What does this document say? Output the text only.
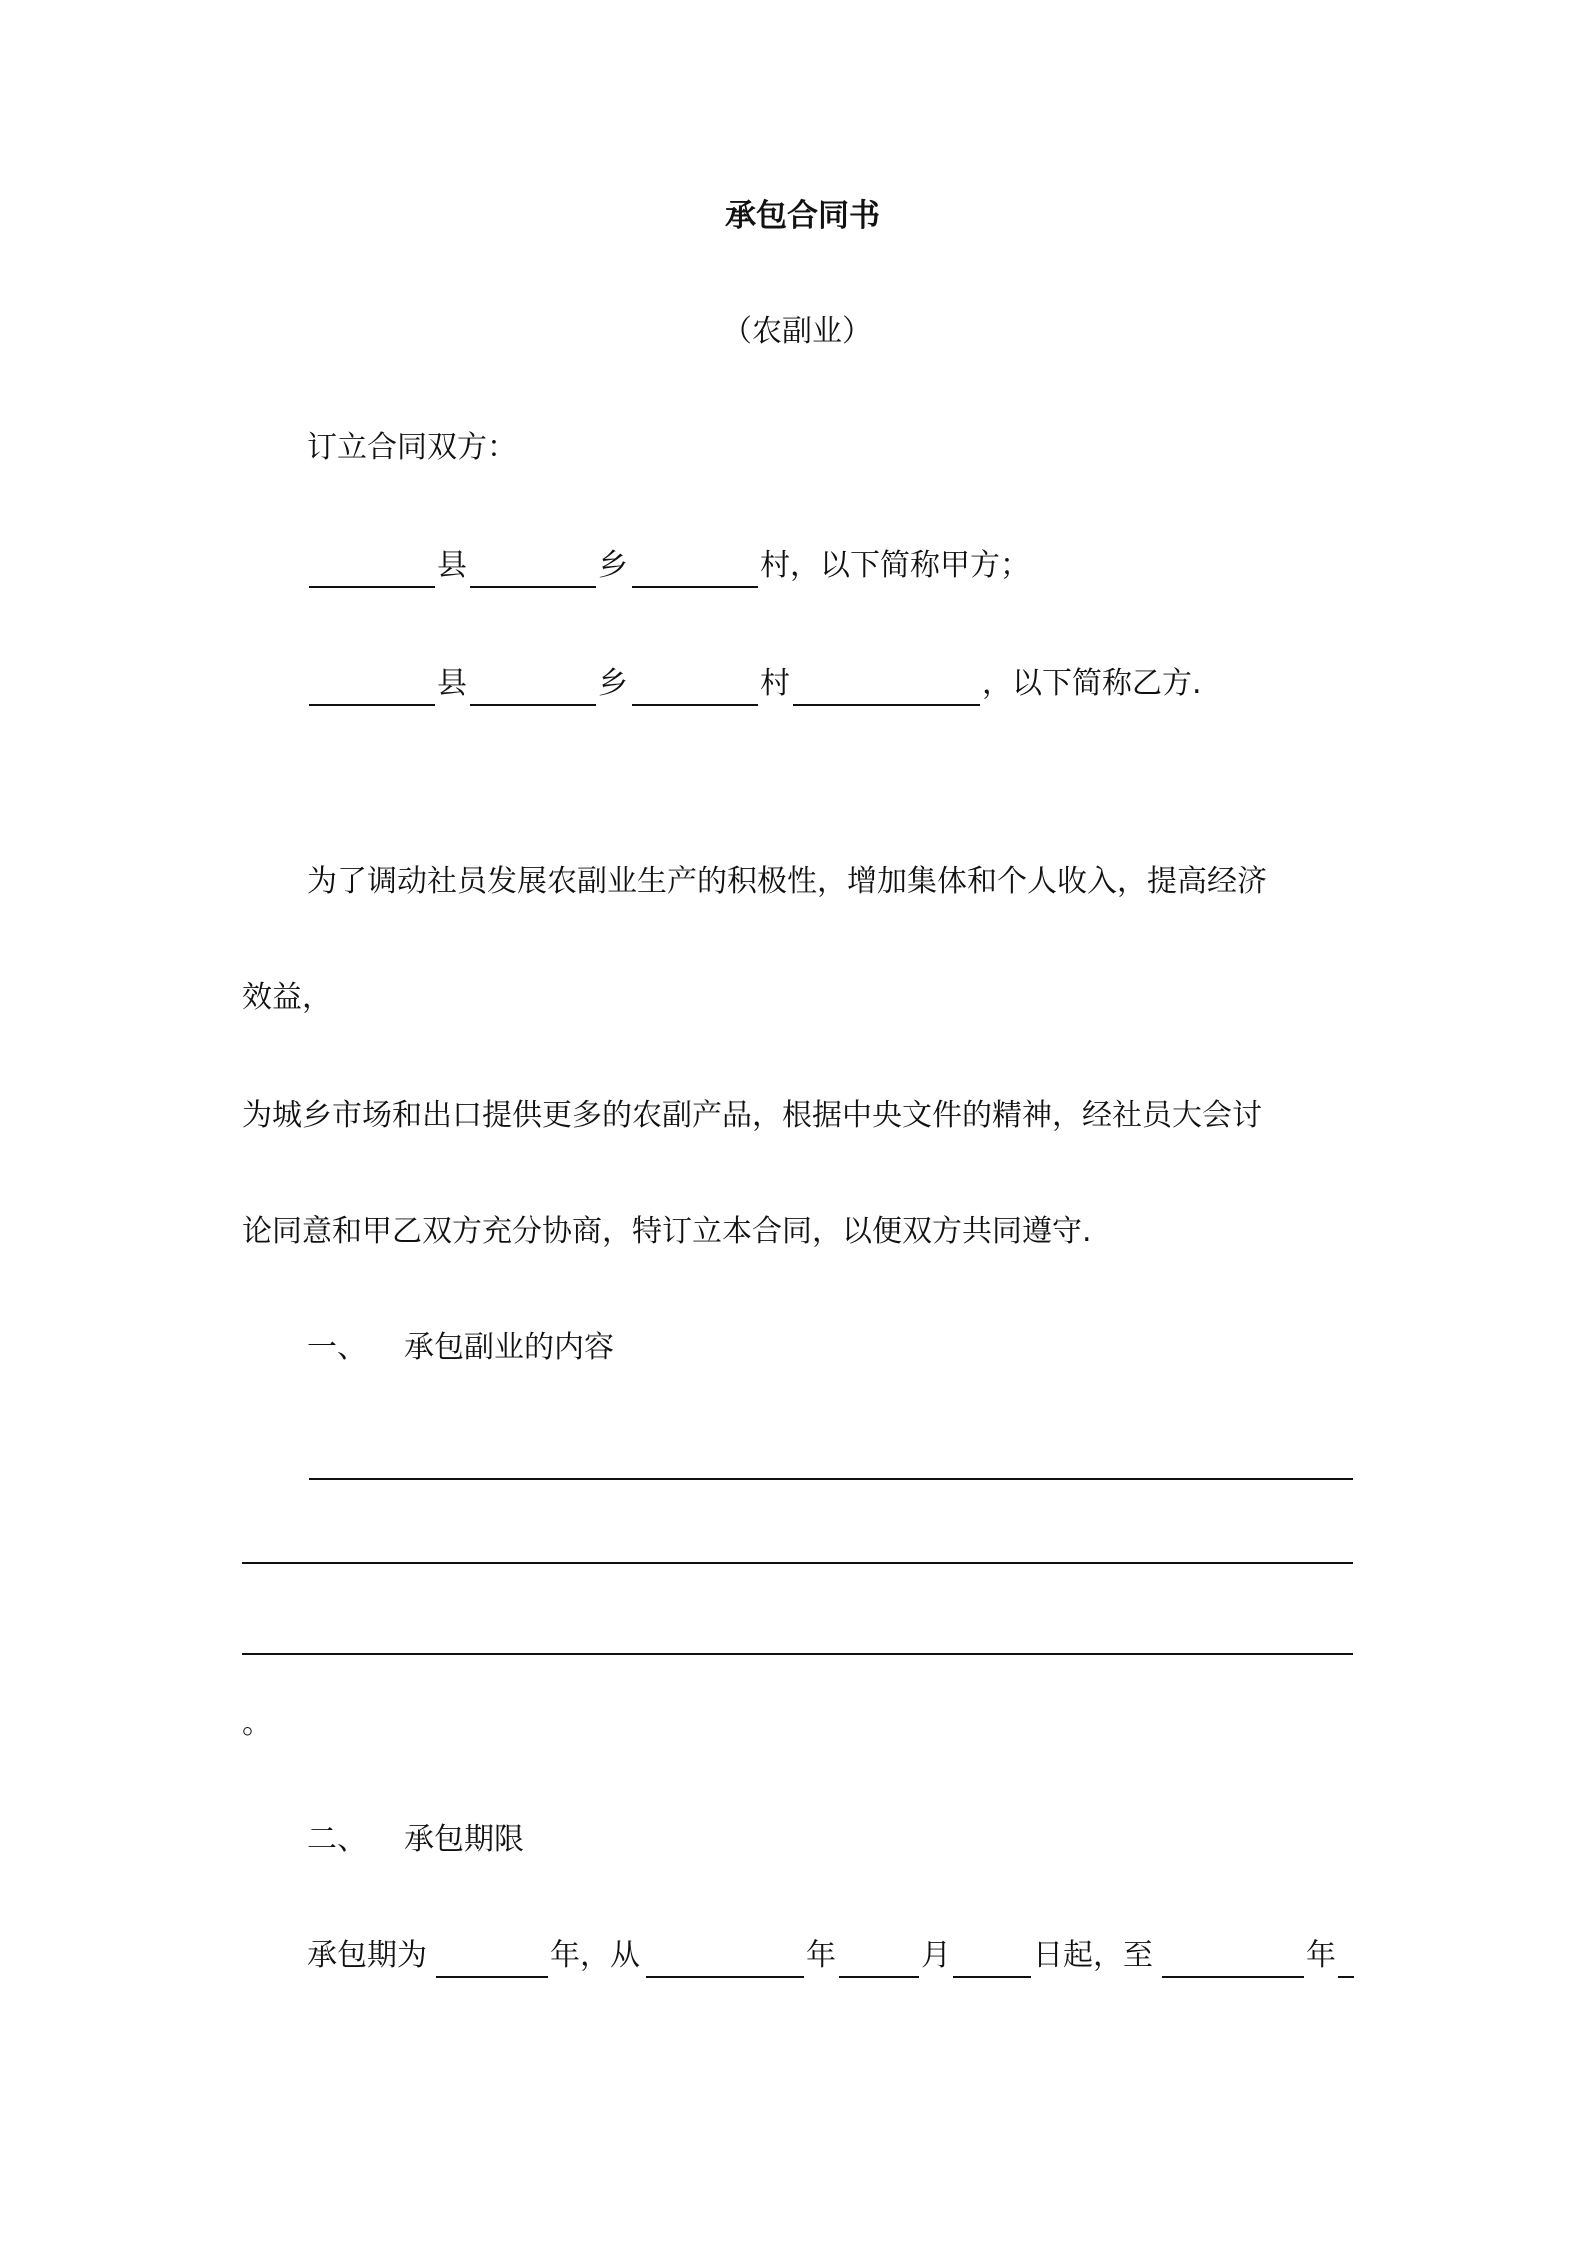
承包合同书
（农副业）
订立合同双方：
县	乡	村，以下简称甲方；
县	乡	村	，以下简称乙方.
为了调动社员发展农副业生产的积极性，增加集体和个人收入，提高经济
效益，
为城乡市场和出口提供更多的农副产品，根据中央文件的精神，经社员大会讨
论同意和甲乙双方充分协商，特订立本合同，以便双方共同遵守.
一、 承包副业的内容
。
二、 承包期限
承包期为	年，从	年	月	日起，至	年
